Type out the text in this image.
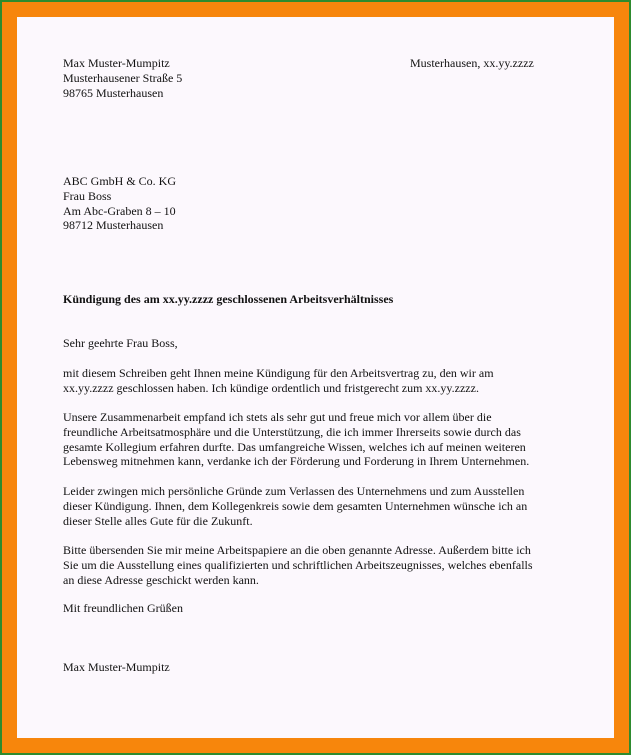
Max Muster-Mumpitz
Musterhausener Straße 5
98765 Musterhausen
Musterhausen, xx.yy.zzzz
ABC GmbH & Co. KG
Frau Boss
Am Abc-Graben 8 – 10
98712 Musterhausen
Kündigung des am xx.yy.zzzz geschlossenen Arbeitsverhältnisses
Sehr geehrte Frau Boss,
mit diesem Schreiben geht Ihnen meine Kündigung für den Arbeitsvertrag zu, den wir am
xx.yy.zzzz geschlossen haben. Ich kündige ordentlich und fristgerecht zum xx.yy.zzzz.
Unsere Zusammenarbeit empfand ich stets als sehr gut und freue mich vor allem über die
freundliche Arbeitsatmosphäre und die Unterstützung, die ich immer Ihrerseits sowie durch das
gesamte Kollegium erfahren durfte. Das umfangreiche Wissen, welches ich auf meinen weiteren
Lebensweg mitnehmen kann, verdanke ich der Förderung und Forderung in Ihrem Unternehmen.
Leider zwingen mich persönliche Gründe zum Verlassen des Unternehmens und zum Ausstellen
dieser Kündigung. Ihnen, dem Kollegenkreis sowie dem gesamten Unternehmen wünsche ich an
dieser Stelle alles Gute für die Zukunft.
Bitte übersenden Sie mir meine Arbeitspapiere an die oben genannte Adresse. Außerdem bitte ich
Sie um die Ausstellung eines qualifizierten und schriftlichen Arbeitszeugnisses, welches ebenfalls
an diese Adresse geschickt werden kann.
Mit freundlichen Grüßen
Max Muster-Mumpitz
